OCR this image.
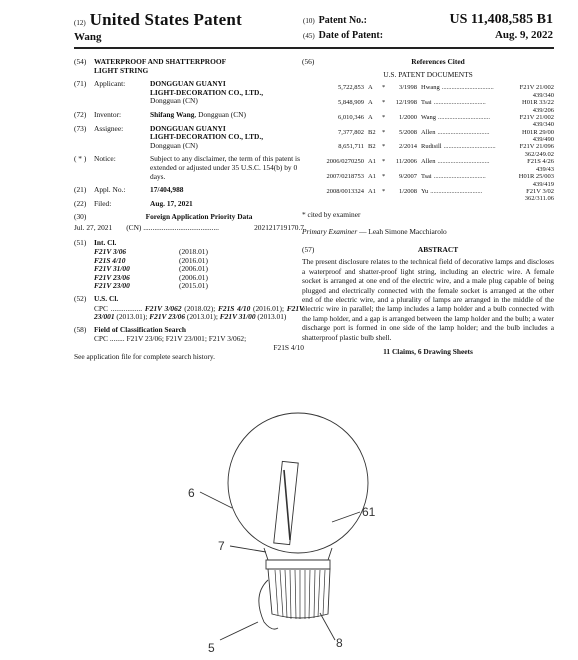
(12) United States Patent
Wang
(10) Patent No.:	US 11,408,585 B1
(45) Date of Patent:	Aug. 9, 2022
(54)	WATERPROOF AND SHATTERPROOF
LIGHT STRING
(71)	Applicant:	DONGGUAN GUANYI
LIGHT-DECORATION CO., LTD.,
Dongguan (CN)
(72)	Inventor:	Shifang Wang, Dongguan (CN)
(73)	Assignee:	DONGGUAN GUANYI
LIGHT-DECORATION CO., LTD.,
Dongguan (CN)
( * )	Notice:	Subject to any disclaimer, the term of this patent is extended or adjusted under 35 U.S.C. 154(b) by 0 days.
(21)	Appl. No.:	17/404,988
(22)	Filed:	Aug. 17, 2021
(30)	Foreign Application Priority Data
Jul. 27, 2021 (CN) .........................................	202121719170.7
(51)	Int. Cl.
F21V 3/06	(2018.01)
F21S 4/10	(2016.01)
F21V 31/00	(2006.01)
F21V 23/06	(2006.01)
F21V 23/00	(2015.01)
(52)	U.S. Cl.
CPC ................. F21V 3/062 (2018.02); F21S 4/10 (2016.01); F21V 23/001 (2013.01); F21V 23/06 (2013.01); F21V 31/00 (2013.01)
(58)	Field of Classification Search
CPC ........ F21V 23/06; F21V 23/001; F21V 3/062;
F21S 4/10
See application file for complete search history.
(56)	References Cited
U.S. PATENT DOCUMENTS
5,722,853 A	*	3/1998 Hwang ................................	F21V 21/002
439/340
5,848,909 A	*	12/1998 Tsai ................................	H01R 33/22
439/206
6,010,346 A	*	1/2000 Wang ................................	F21V 21/002
439/340
7,377,802 B2 *	5/2008 Allen ................................	H01R 29/00
439/490
8,651,711 B2 *	2/2014 Rudisill ................................	F21V 21/096
362/249.02
2006/0270250 A1 *	11/2006 Allen ................................	F21S 4/26
439/43
2007/0218753 A1 *	9/2007 Tsai ................................	H01R 25/003
439/419
2008/0013324 A1 *	1/2008 Yu ................................	F21V 3/02
362/311.06
* cited by examiner
Primary Examiner — Leah Simone Macchiarolo
(57)	ABSTRACT
The present disclosure relates to the technical field of decorative lamps and discloses a waterproof and shatter-proof light string, including an electric wire. A female socket is arranged at one end of the electric wire, and a male plug capable of being plugged and electrically connected with the female socket is arranged at the other end of the electric wire, and a plurality of lamps are arranged in the middle of the electric wire in parallel; the lamp includes a lamp holder and a bulb connected with the lamp holder, and a gap is arranged between the lamp holder and the bulb; a water discharge port is formed in one side of the lamp holder; and the bulb includes a shatterproof plastic bulb shell.
11 Claims, 6 Drawing Sheets
6
61
7
8
5
